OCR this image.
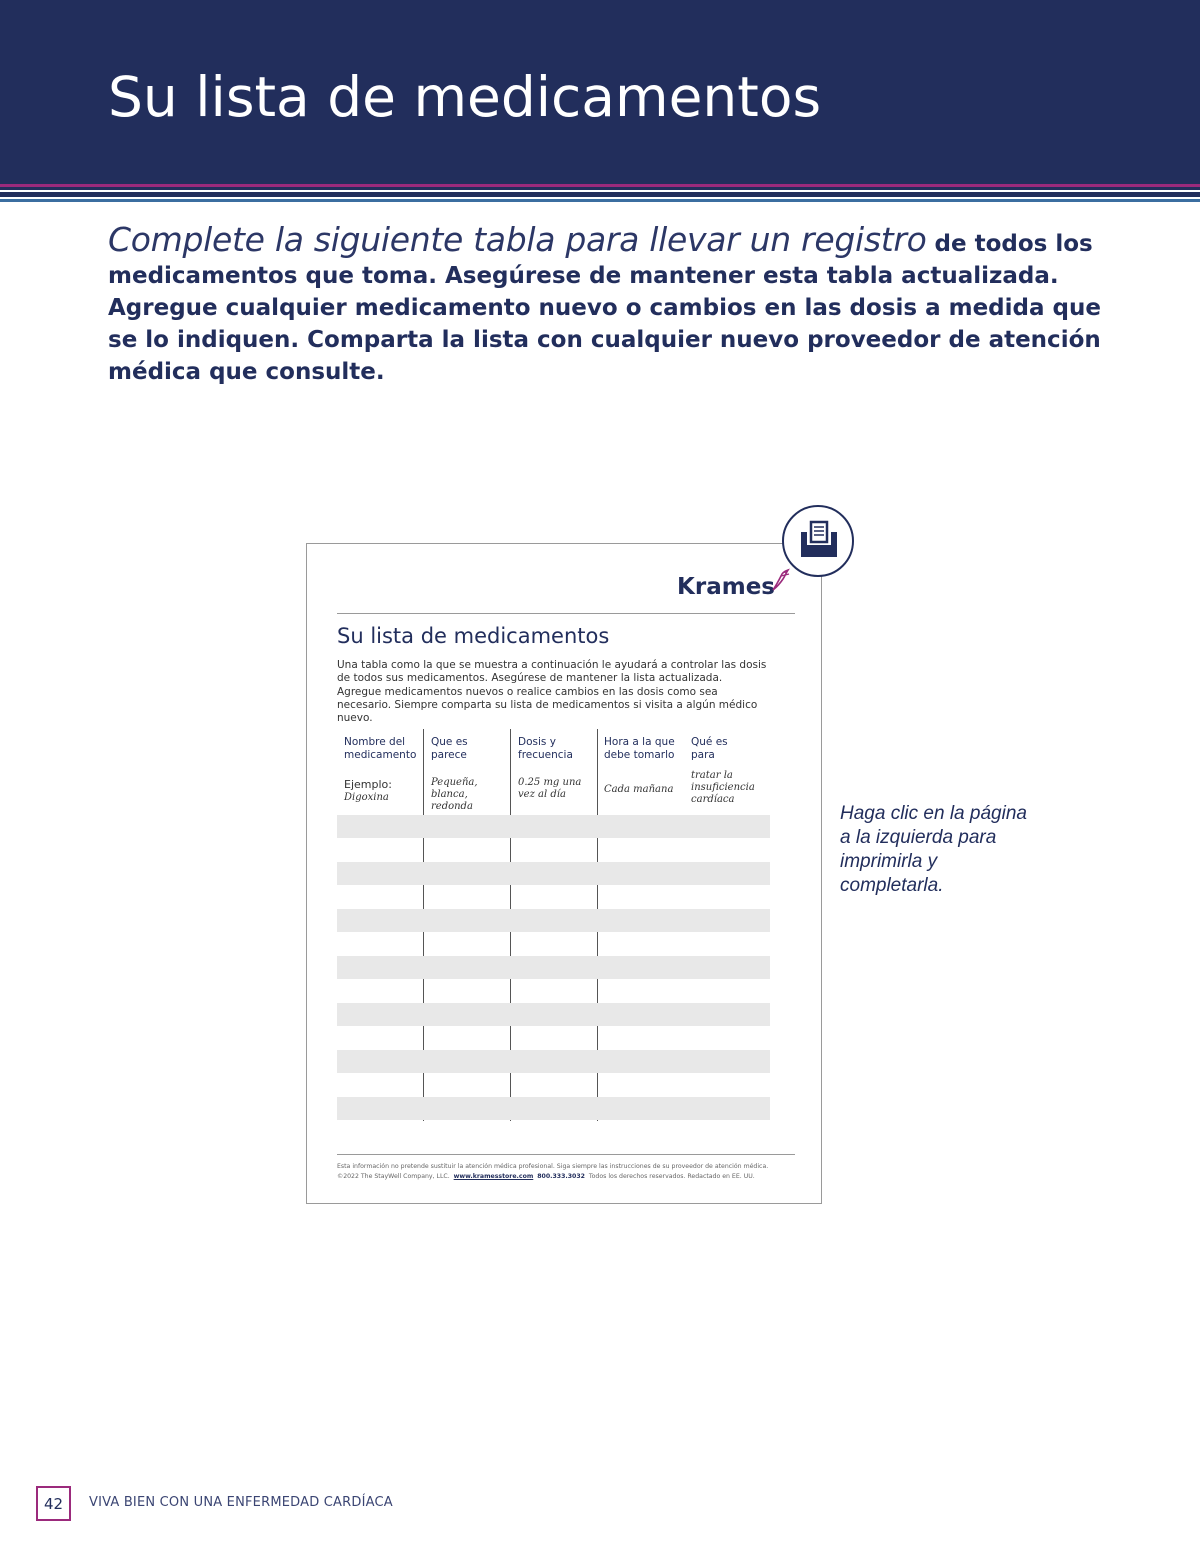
Su lista de medicamentos

Complete la siguiente tabla para llevar un registro de todos los medicamentos que toma. Asegúrese de mantener esta tabla actualizada. Agregue cualquier medicamento nuevo o cambios en las dosis a medida que se lo indiquen. Comparta la lista con cualquier nuevo proveedor de atención médica que consulte.

Krames
Su lista de medicamentos

Una tabla como la que se muestra a continuación le ayudará a controlar las dosis de todos sus medicamentos. Asegúrese de mantener la lista actualizada. Agregue medicamentos nuevos o realice cambios en las dosis como sea necesario. Siempre comparta su lista de medicamentos si visita a algún médico nuevo.

Nombre del medicamento
Que es parece
Dosis y frecuencia
Hora a la que debe tomarlo
Qué es para
Ejemplo:
Digoxina
Pequeña, blanca, redonda
0.25 mg una vez al día	Cada mañana
tratar la insuficiencia cardíaca
Esta información no pretende sustituir la atención médica profesional. Siga siempre las instrucciones de su proveedor de atención médica.
©2022 The StayWell Company, LLC. www.kramesstore.com 800.333.3032 Todos los derechos reservados. Redactado en EE. UU.

Haga clic en la página a la izquierda para imprimirla y completarla.

42	VIVA BIEN CON UNA ENFERMEDAD CARDÍACA
